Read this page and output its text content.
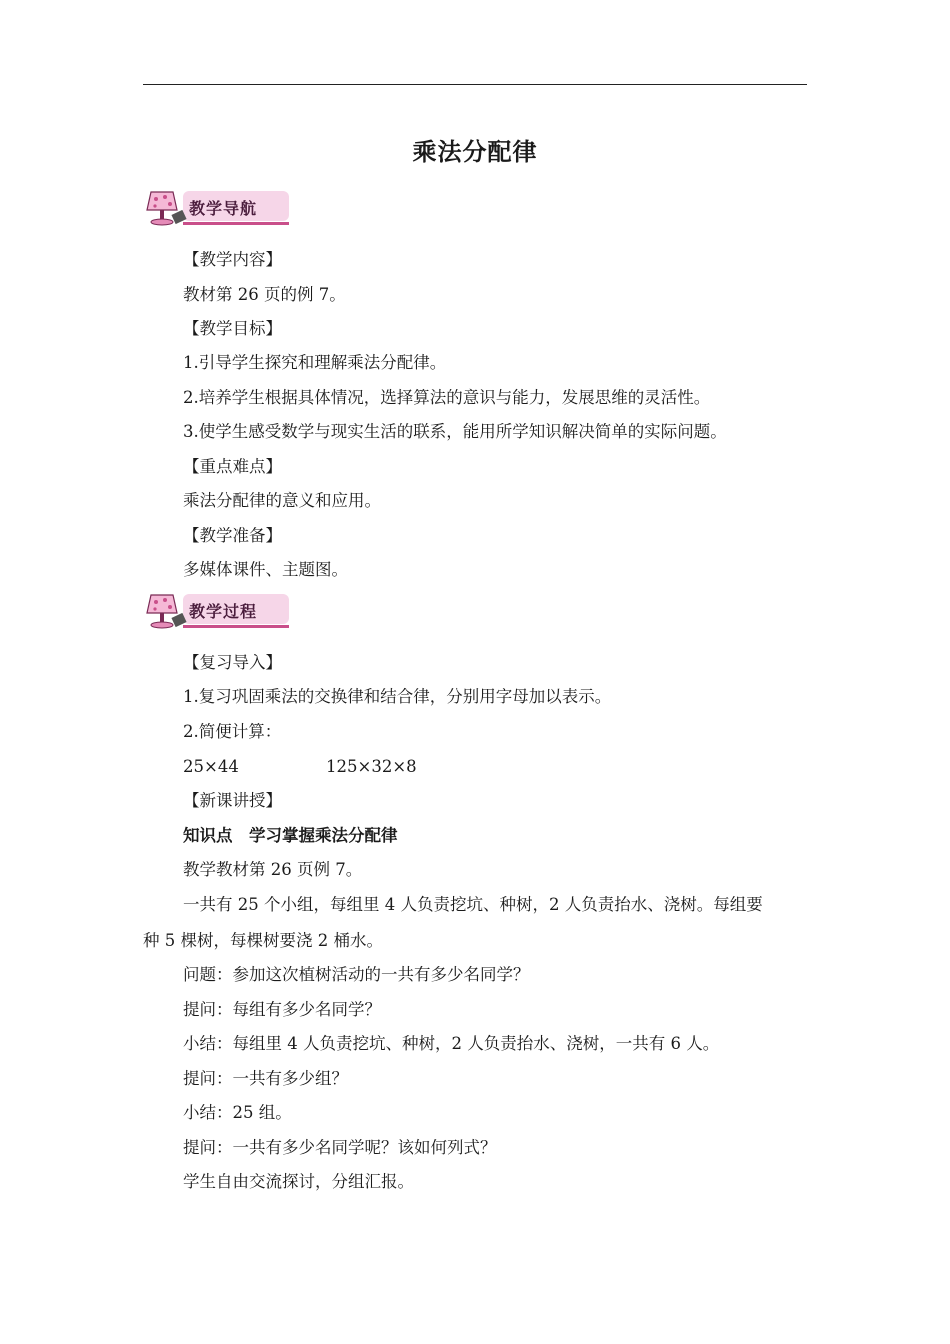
乘法分配律
教学导航
【教学内容】
教材第 26 页的例 7。
【教学目标】
1.引导学生探究和理解乘法分配律。
2.培养学生根据具体情况，选择算法的意识与能力，发展思维的灵活性。
3.使学生感受数学与现实生活的联系，能用所学知识解决简单的实际问题。
【重点难点】
乘法分配律的意义和应用。
【教学准备】
多媒体课件、主题图。
教学过程
【复习导入】
1.复习巩固乘法的交换律和结合律，分别用字母加以表示。
2.简便计算：
25×44	125×32×8
【新课讲授】
知识点　学习掌握乘法分配律
教学教材第 26 页例 7。
一共有 25 个小组，每组里 4 人负责挖坑、种树，2 人负责抬水、浇树。每组要
种 5 棵树，每棵树要浇 2 桶水。
问题：参加这次植树活动的一共有多少名同学？
提问：每组有多少名同学？
小结：每组里 4 人负责挖坑、种树，2 人负责抬水、浇树，一共有 6 人。
提问：一共有多少组？
小结：25 组。
提问：一共有多少名同学呢？该如何列式？
学生自由交流探讨，分组汇报。
